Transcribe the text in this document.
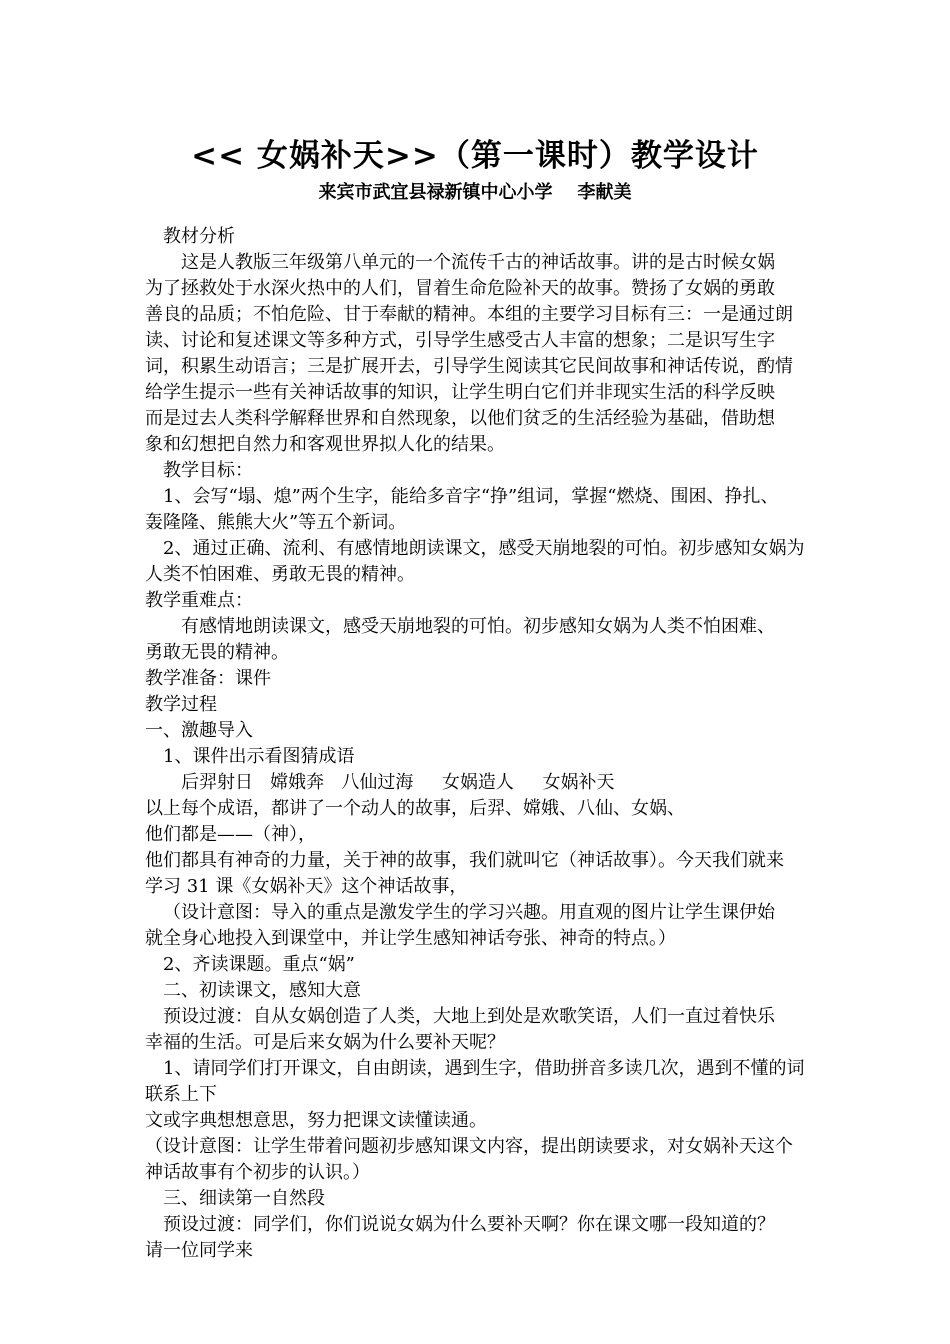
<< 女娲补天>>（第一课时）教学设计
来宾市武宜县禄新镇中心小学    李献美
教材分析
这是人教版三年级第八单元的一个流传千古的神话故事。讲的是古时候女娲
为了拯救处于水深火热中的人们，冒着生命危险补天的故事。赞扬了女娲的勇敢
善良的品质；不怕危险、甘于奉献的精神。本组的主要学习目标有三：一是通过朗
读、讨论和复述课文等多种方式，引导学生感受古人丰富的想象；二是识写生字
词，积累生动语言；三是扩展开去，引导学生阅读其它民间故事和神话传说，酌情
给学生提示一些有关神话故事的知识，让学生明白它们并非现实生活的科学反映
而是过去人类科学解释世界和自然现象，以他们贫乏的生活经验为基础，借助想
象和幻想把自然力和客观世界拟人化的结果。
教学目标：
1、会写“塌、熄”两个生字，能给多音字“挣”组词，掌握“燃烧、围困、挣扎、
轰隆隆、熊熊大火”等五个新词。
2、通过正确、流利、有感情地朗读课文，感受天崩地裂的可怕。初步感知女娲为
人类不怕困难、勇敢无畏的精神。
教学重难点：
有感情地朗读课文，感受天崩地裂的可怕。初步感知女娲为人类不怕困难、
勇敢无畏的精神。
教学准备：课件
教学过程
一、激趣导入
1、课件出示看图猜成语
后羿射日   嫦娥奔   八仙过海     女娲造人     女娲补天
以上每个成语，都讲了一个动人的故事，后羿、嫦娥、八仙、女娲、
他们都是——（神），
他们都具有神奇的力量，关于神的故事，我们就叫它（神话故事）。今天我们就来
学习 31 课《女娲补天》这个神话故事，
（设计意图：导入的重点是激发学生的学习兴趣。用直观的图片让学生课伊始
就全身心地投入到课堂中，并让学生感知神话夸张、神奇的特点。）
2、齐读课题。重点“娲”
二、初读课文，感知大意
预设过渡：自从女娲创造了人类，大地上到处是欢歌笑语，人们一直过着快乐
幸福的生活。可是后来女娲为什么要补天呢？
1、请同学们打开课文，自由朗读，遇到生字，借助拼音多读几次，遇到不懂的词
联系上下
文或字典想想意思，努力把课文读懂读通。
（设计意图：让学生带着问题初步感知课文内容，提出朗读要求，对女娲补天这个
神话故事有个初步的认识。）
三、细读第一自然段
预设过渡：同学们，你们说说女娲为什么要补天啊？你在课文哪一段知道的？
请一位同学来
